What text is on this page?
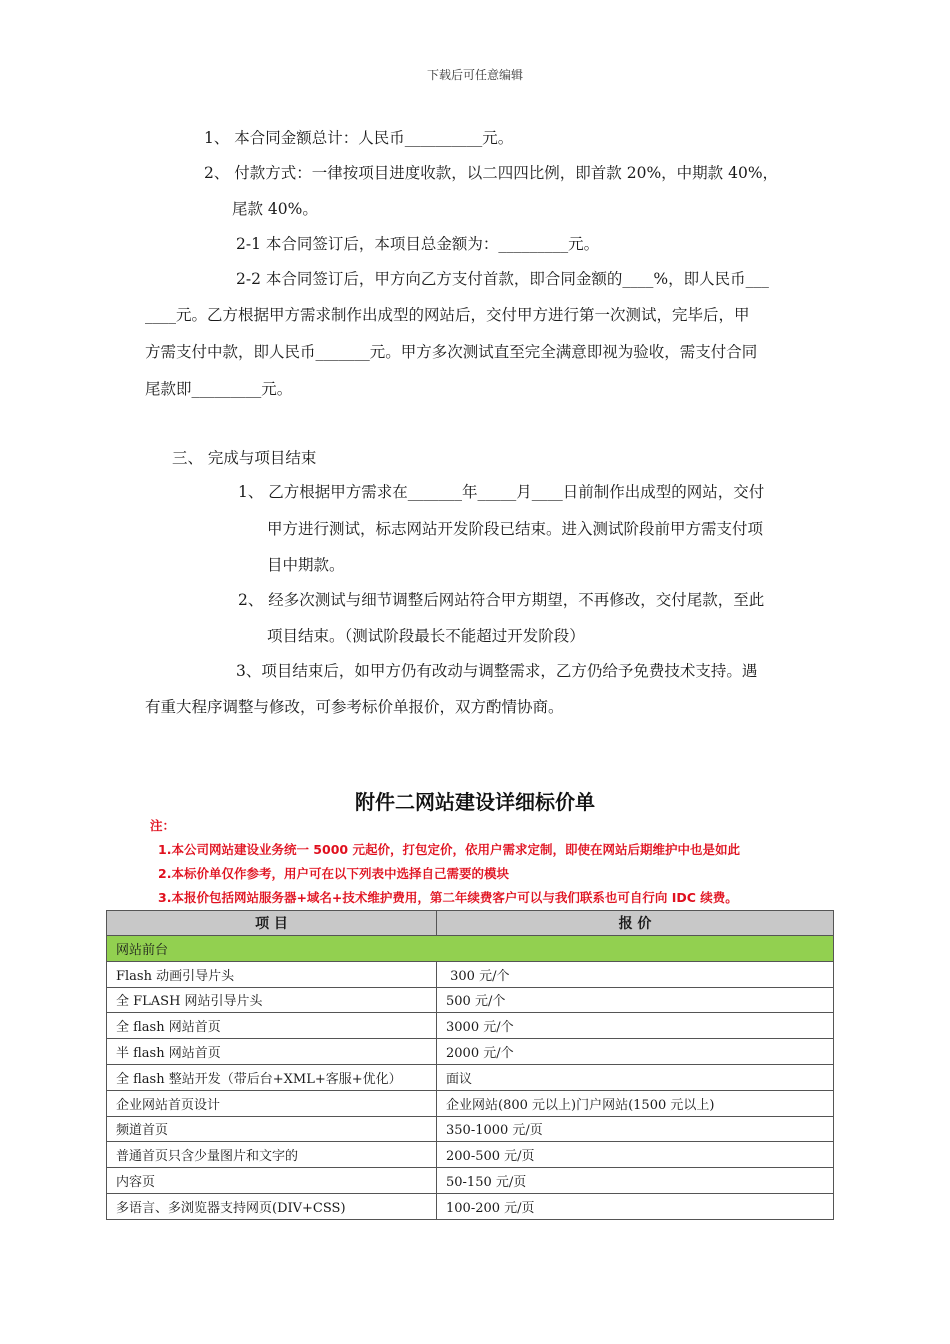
下载后可任意编辑
1、 本合同金额总计：人民币__________元。
2、 付款方式：一律按项目进度收款，以二四四比例，即首款 20%，中期款 40%，
尾款 40%。
2-1 本合同签订后，本项目总金额为：_________元。
2-2 本合同签订后，甲方向乙方支付首款，即合同金额的____%，即人民币___
____元。乙方根据甲方需求制作出成型的网站后，交付甲方进行第一次测试，完毕后，甲
方需支付中款，即人民币_______元。甲方多次测试直至完全满意即视为验收，需支付合同
尾款即_________元。
三、 完成与项目结束
1、 乙方根据甲方需求在_______年_____月____日前制作出成型的网站，交付
甲方进行测试，标志网站开发阶段已结束。进入测试阶段前甲方需支付项
目中期款。
2、 经多次测试与细节调整后网站符合甲方期望，不再修改，交付尾款，至此
项目结束。（测试阶段最长不能超过开发阶段）
3、项目结束后，如甲方仍有改动与调整需求，乙方仍给予免费技术支持。遇
有重大程序调整与修改，可参考标价单报价，双方酌情协商。
附件二网站建设详细标价单
注：
1.本公司网站建设业务统一 5000 元起价，打包定价，依用户需求定制，即使在网站后期维护中也是如此
2.本标价单仅作参考，用户可在以下列表中选择自己需要的模块
3.本报价包括网站服务器+域名+技术维护费用，第二年续费客户可以与我们联系也可自行向 IDC 续费。
项 目	报 价
网站前台	
Flash 动画引导片头	300 元/个
全 FLASH 网站引导片头	500 元/个
全 flash 网站首页	3000 元/个
半 flash 网站首页	2000 元/个
全 flash 整站开发（带后台+XML+客服+优化）	面议
企业网站首页设计	企业网站(800 元以上)门户网站(1500 元以上)
频道首页	350-1000 元/页
普通首页只含少量图片和文字的	200-500 元/页
内容页	50-150 元/页
多语言、多浏览器支持网页(DIV+CSS)	100-200 元/页
